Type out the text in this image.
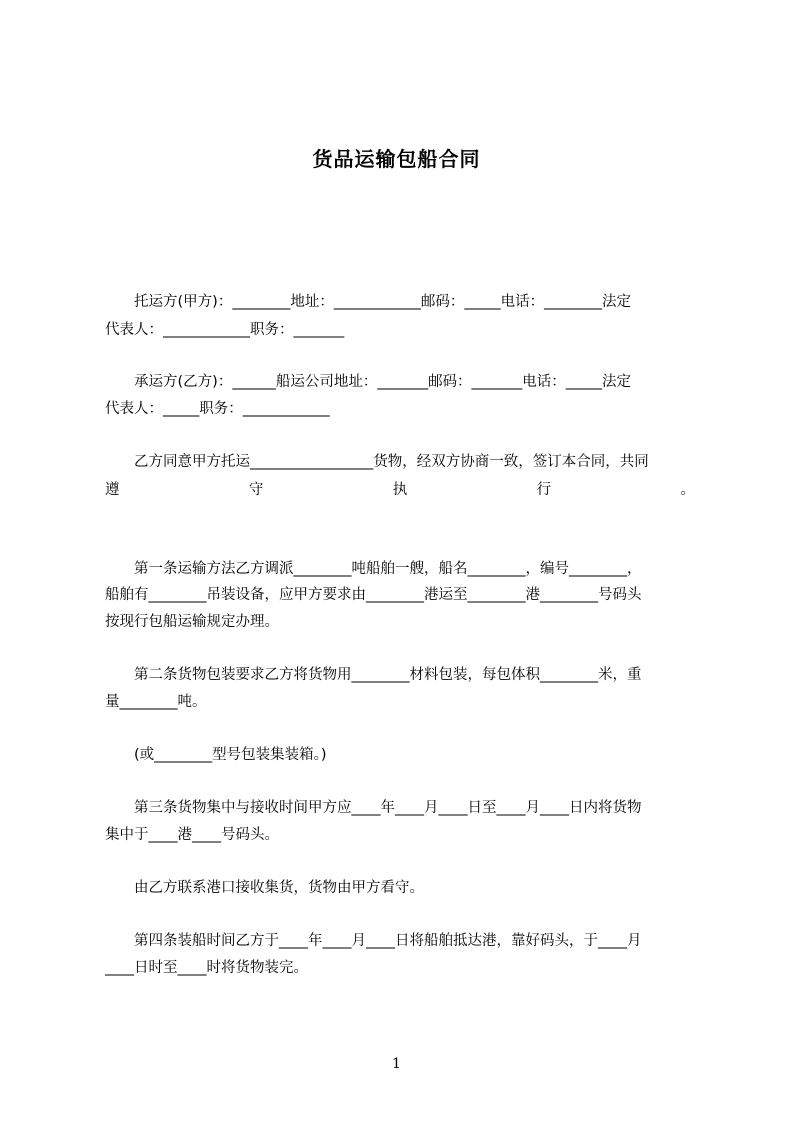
货品运输包船合同
　　托运方(甲方)：________地址：____________邮码：_____电话：________法定
代表人：____________职务：_______
　　承运方(乙方)：______船运公司地址：_______邮码：_______电话：_____法定
代表人：_____职务：____________
　　乙方同意甲方托运_________________货物，经双方协商一致，签订本合同，共同
遵	守	执	行	。
　　第一条运输方法乙方调派________吨船舶一艘，船名________，编号________，
船舶有________吊装设备，应甲方要求由________港运至________港________号码头
按现行包船运输规定办理。
　　第二条货物包装要求乙方将货物用________材料包装，每包体积________米，重
量________吨。
　　(或________型号包装集装箱。)
　　第三条货物集中与接收时间甲方应____年____月____日至____月____日内将货物
集中于____港____号码头。
　　由乙方联系港口接收集货，货物由甲方看守。
　　第四条装船时间乙方于____年____月____日将船舶抵达港，靠好码头，于____月
____日时至____时将货物装完。
1
